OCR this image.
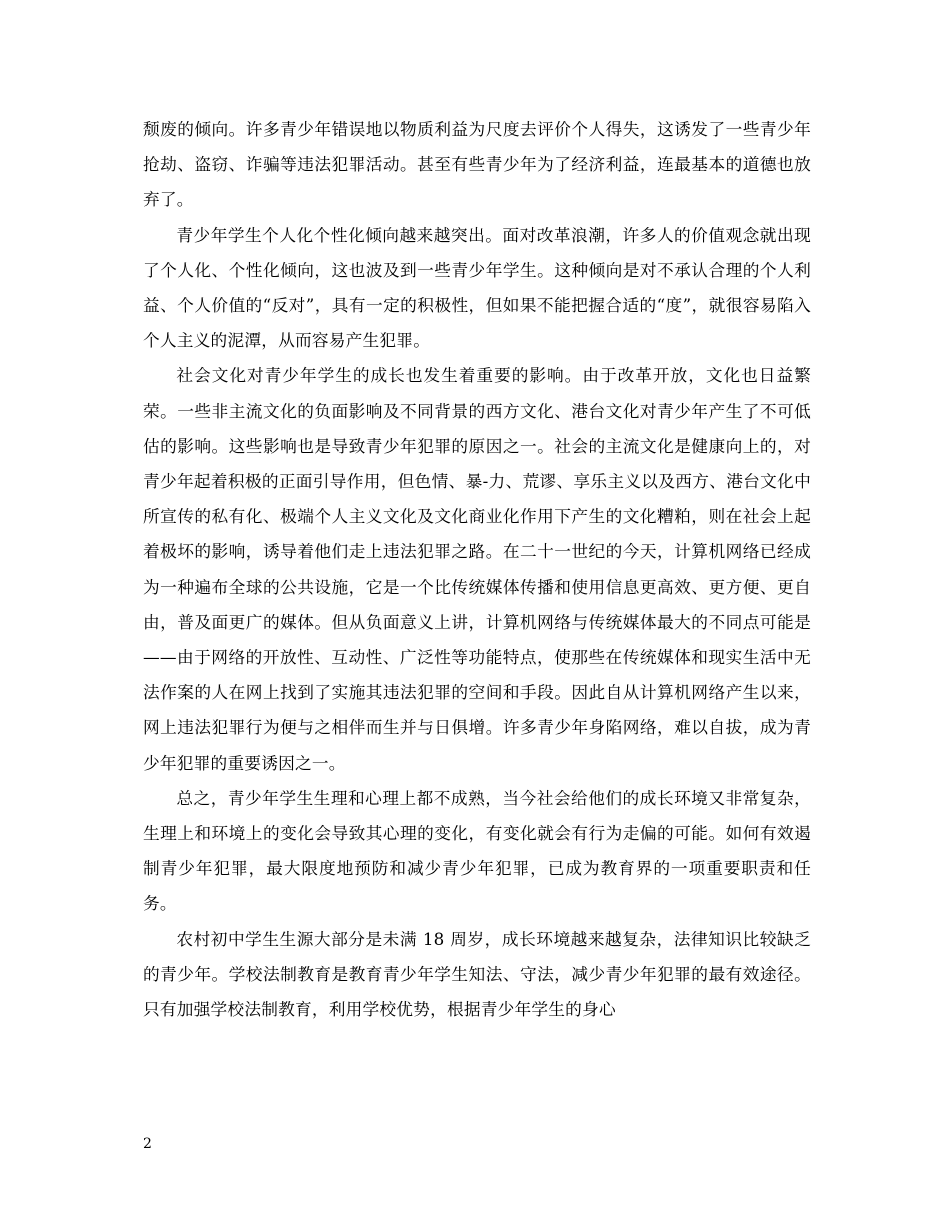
颓废的倾向。许多青少年错误地以物质利益为尺度去评价个人得失，这诱发了一些青少年抢劫、盗窃、诈骗等违法犯罪活动。甚至有些青少年为了经济利益，连最基本的道德也放弃了。

青少年学生个人化个性化倾向越来越突出。面对改革浪潮，许多人的价值观念就出现了个人化、个性化倾向，这也波及到一些青少年学生。这种倾向是对不承认合理的个人利益、个人价值的“反对”，具有一定的积极性，但如果不能把握合适的“度”，就很容易陷入个人主义的泥潭，从而容易产生犯罪。

社会文化对青少年学生的成长也发生着重要的影响。由于改革开放，文化也日益繁荣。一些非主流文化的负面影响及不同背景的西方文化、港台文化对青少年产生了不可低估的影响。这些影响也是导致青少年犯罪的原因之一。社会的主流文化是健康向上的，对青少年起着积极的正面引导作用，但色情、暴-力、荒谬、享乐主义以及西方、港台文化中所宣传的私有化、极端个人主义文化及文化商业化作用下产生的文化糟粕，则在社会上起着极坏的影响，诱导着他们走上违法犯罪之路。在二十一世纪的今天，计算机网络已经成为一种遍布全球的公共设施，它是一个比传统媒体传播和使用信息更高效、更方便、更自由，普及面更广的媒体。但从负面意义上讲，计算机网络与传统媒体最大的不同点可能是——由于网络的开放性、互动性、广泛性等功能特点，使那些在传统媒体和现实生活中无法作案的人在网上找到了实施其违法犯罪的空间和手段。因此自从计算机网络产生以来，网上违法犯罪行为便与之相伴而生并与日俱增。许多青少年身陷网络，难以自拔，成为青少年犯罪的重要诱因之一。

总之，青少年学生生理和心理上都不成熟，当今社会给他们的成长环境又非常复杂，生理上和环境上的变化会导致其心理的变化，有变化就会有行为走偏的可能。如何有效遏制青少年犯罪，最大限度地预防和减少青少年犯罪，已成为教育界的一项重要职责和任务。

农村初中学生生源大部分是未满 18 周岁，成长环境越来越复杂，法律知识比较缺乏的青少年。学校法制教育是教育青少年学生知法、守法，减少青少年犯罪的最有效途径。只有加强学校法制教育，利用学校优势，根据青少年学生的身心

2
